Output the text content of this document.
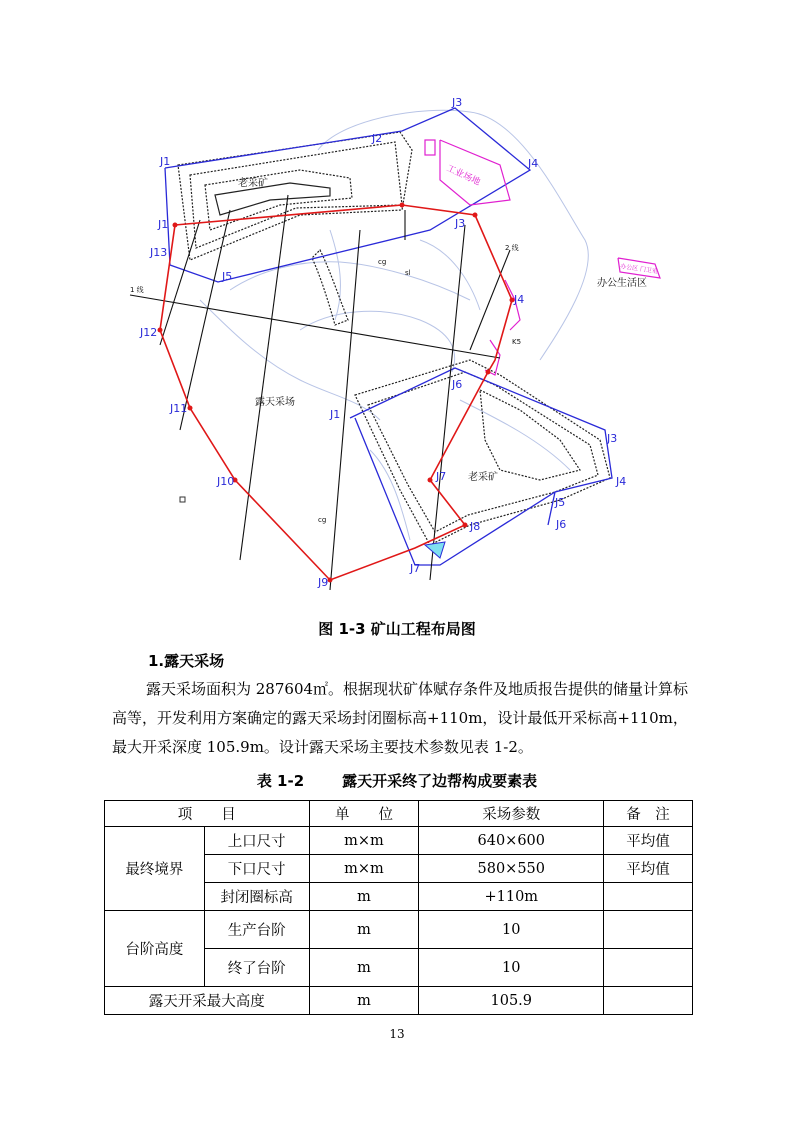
J1
J2
J3
J4
J5
J1
J13
J12
J11
J10
J9
J8
J7
J6
J4
J3
J1
J3
J4
J5
J6
J7
老采矿
老采矿
露天采场
办公生活区
1 线
2 线
cg
cg
sl
K5
工业场地
办公区 门卫室
图 1-3 矿山工程布局图
1.露天采场

露天采场面积为 287604㎡。根据现状矿体赋存条件及地质报告提供的储量计算标高等，开发利用方案确定的露天采场封闭圈标高+110m，设计最低开采标高+110m，最大开采深度 105.9m。设计露天采场主要技术参数见表 1-2。

表 1-2	露天开采终了边帮构成要素表
项　　目		单　　位	采场参数	备　注
最终境界	上口尺寸	m×m	640×600	平均值
	下口尺寸	m×m	580×550	平均值
	封闭圈标高	m	+110m	
台阶高度	生产台阶	m	10	
	终了台阶	m	10	
露天开采最大高度		m	105.9	
13
